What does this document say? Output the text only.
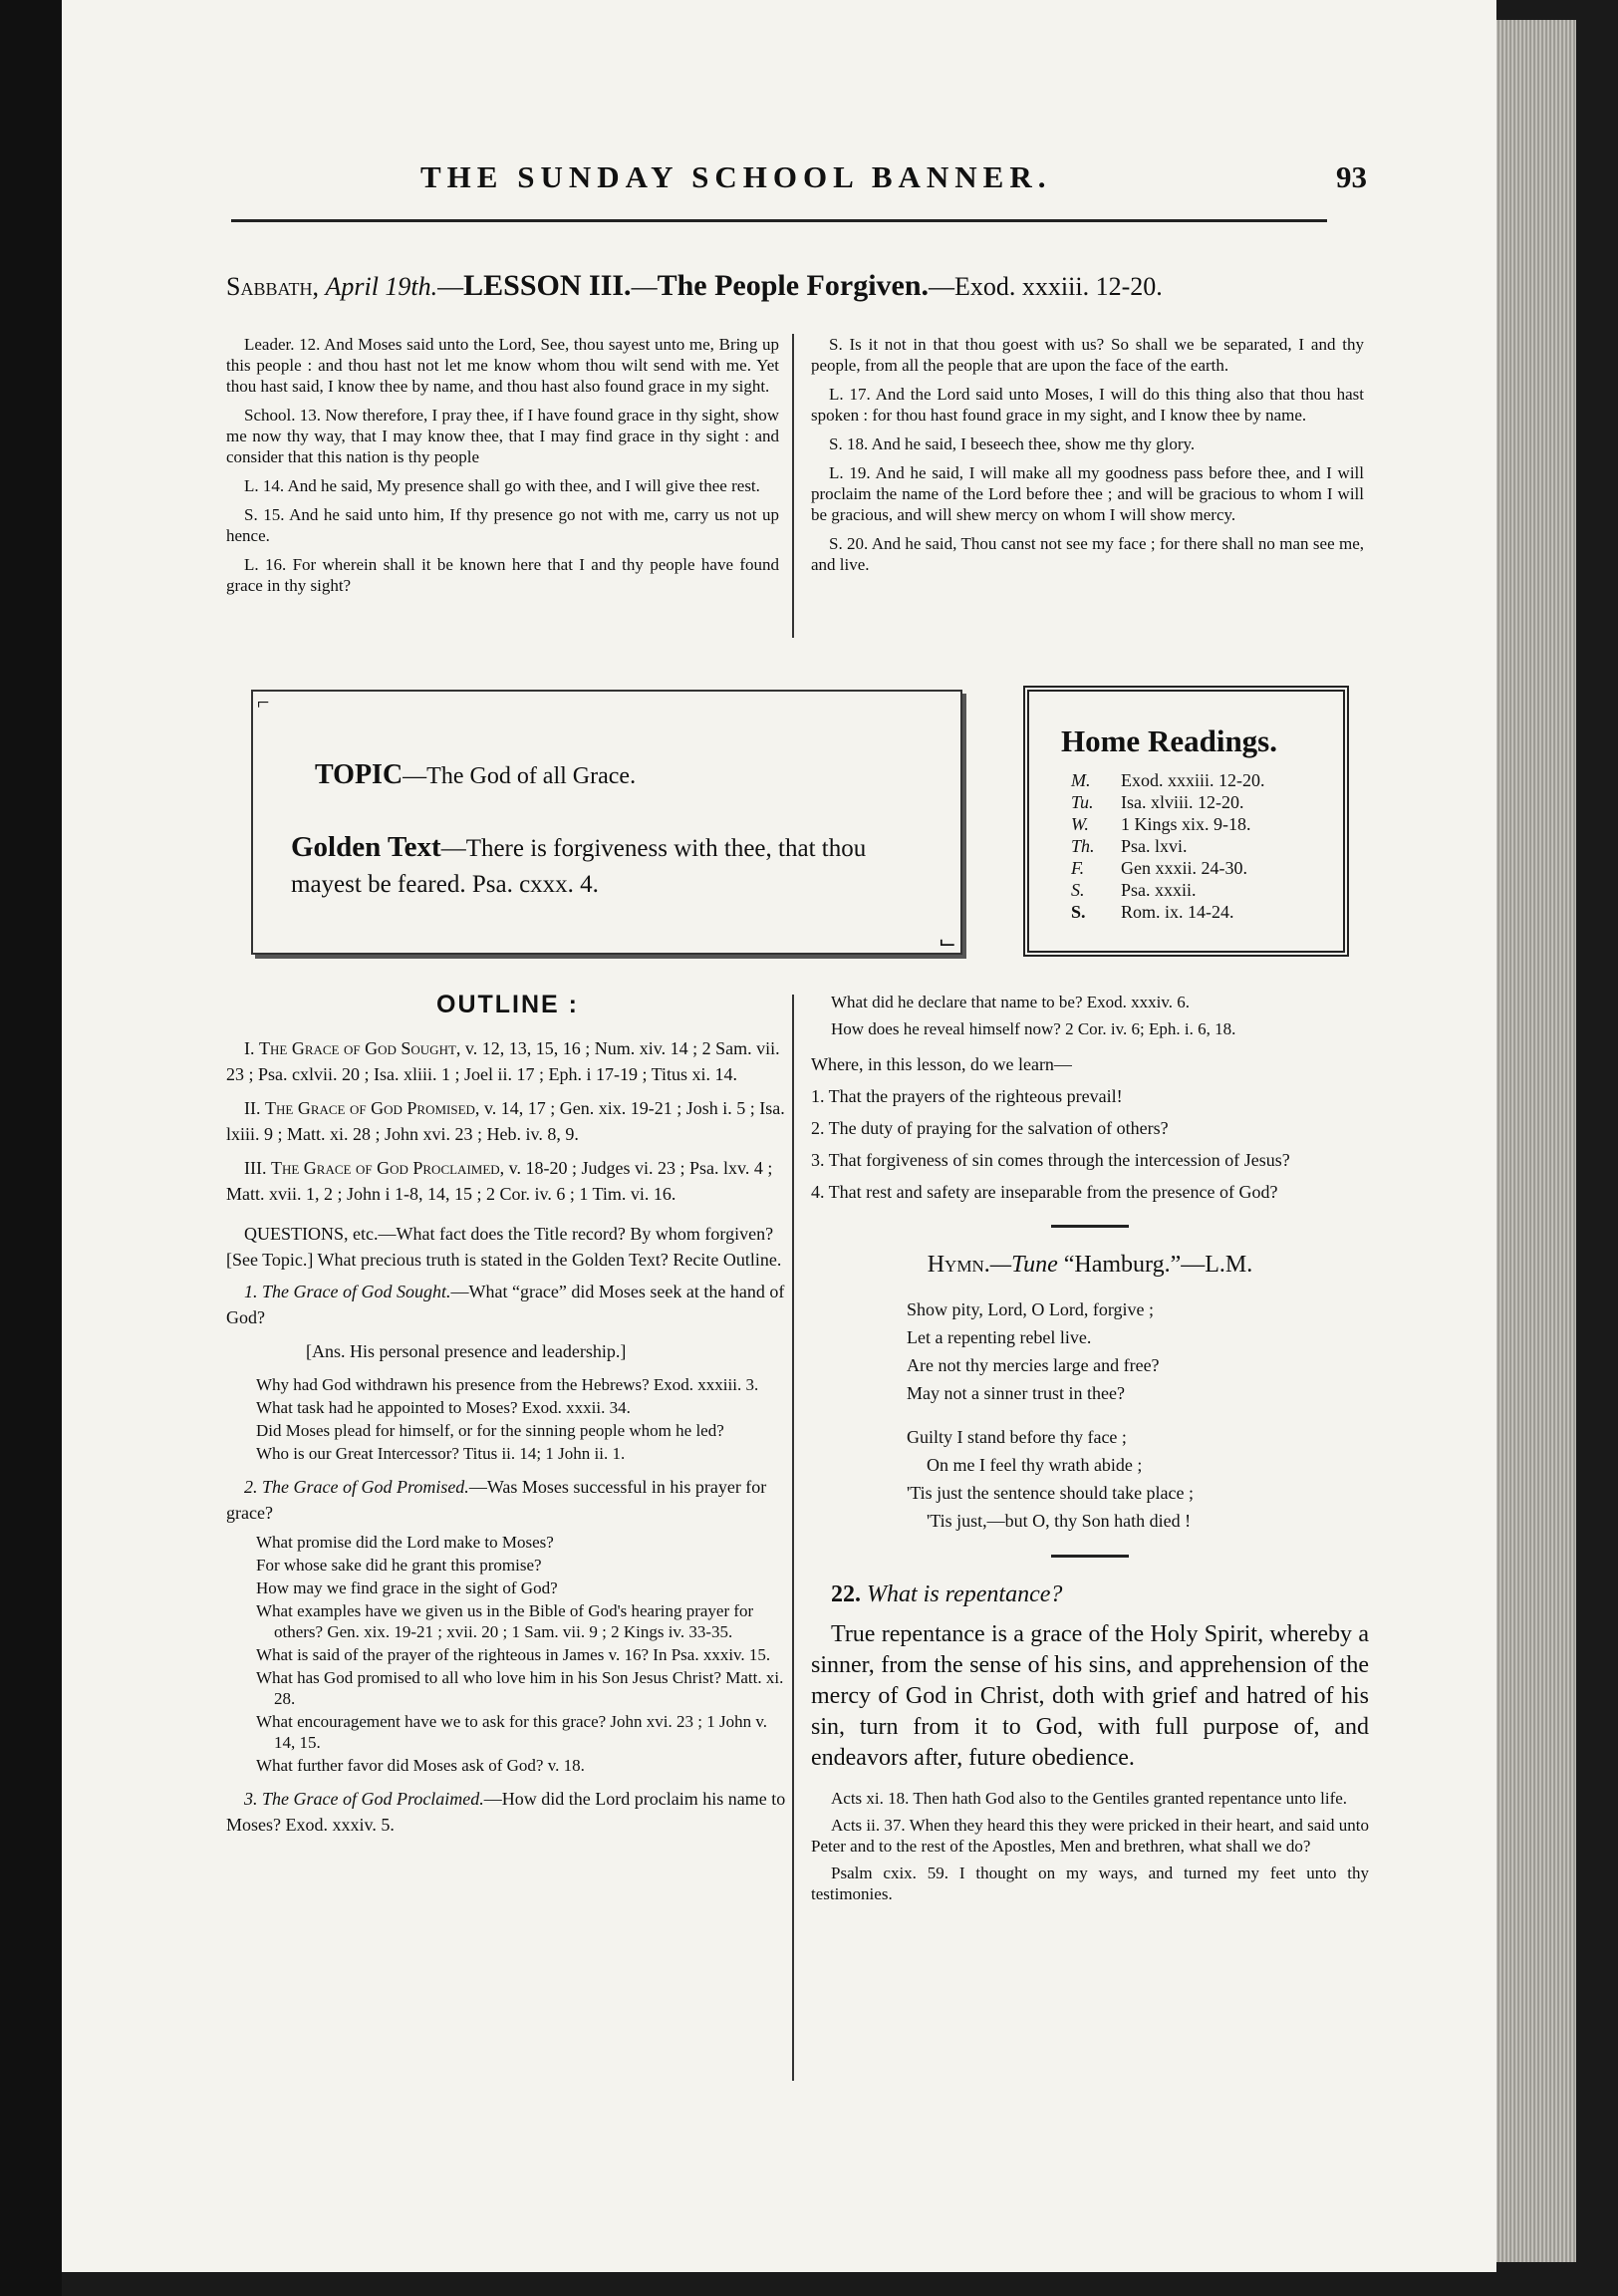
THE SUNDAY SCHOOL BANNER.	93
Sabbath, April 19th.—LESSON III.—The People Forgiven.—Exod. xxxiii. 12-20.

Leader. 12. And Moses said unto the Lord, See, thou sayest unto me, Bring up this people : and thou hast not let me know whom thou wilt send with me. Yet thou hast said, I know thee by name, and thou hast also found grace in my sight.

School. 13. Now therefore, I pray thee, if I have found grace in thy sight, show me now thy way, that I may know thee, that I may find grace in thy sight : and consider that this nation is thy people

L. 14. And he said, My presence shall go with thee, and I will give thee rest.

S. 15. And he said unto him, If thy presence go not with me, carry us not up hence.

L. 16. For wherein shall it be known here that I and thy people have found grace in thy sight?

S. Is it not in that thou goest with us? So shall we be separated, I and thy people, from all the people that are upon the face of the earth.

L. 17. And the Lord said unto Moses, I will do this thing also that thou hast spoken : for thou hast found grace in my sight, and I know thee by name.

S. 18. And he said, I beseech thee, show me thy glory.

L. 19. And he said, I will make all my goodness pass before thee, and I will proclaim the name of the Lord before thee ; and will be gracious to whom I will be gracious, and will shew mercy on whom I will show mercy.

S. 20. And he said, Thou canst not see my face ; for there shall no man see me, and live.

⌐
⌙
TOPIC—The God of all Grace.
Golden Text—There is forgiveness with thee, that thou mayest be feared. Psa. cxxx. 4.
Home Readings.
M. Exod. xxxiii. 12-20.
Tu. Isa. xlviii. 12-20.
W. 1 Kings xix. 9-18.
Th. Psa. lxvi.
F. Gen xxxii. 24-30.
S. Psa. xxxii.
S. Rom. ix. 14-24.
OUTLINE :
I. The Grace of God Sought, v. 12, 13, 15, 16 ; Num. xiv. 14 ; 2 Sam. vii. 23 ; Psa. cxlvii. 20 ; Isa. xliii. 1 ; Joel ii. 17 ; Eph. i 17-19 ; Titus xi. 14.
II. The Grace of God Promised, v. 14, 17 ; Gen. xix. 19-21 ; Josh i. 5 ; Isa. lxiii. 9 ; Matt. xi. 28 ; John xvi. 23 ; Heb. iv. 8, 9.
III. The Grace of God Proclaimed, v. 18-20 ; Judges vi. 23 ; Psa. lxv. 4 ; Matt. xvii. 1, 2 ; John i 1-8, 14, 15 ; 2 Cor. iv. 6 ; 1 Tim. vi. 16.
QUESTIONS, etc.—What fact does the Title record? By whom forgiven? [See Topic.] What precious truth is stated in the Golden Text? Recite Outline.
1. The Grace of God Sought.—What “grace” did Moses seek at the hand of God?
[Ans. His personal presence and leadership.]
Why had God withdrawn his presence from the Hebrews? Exod. xxxiii. 3.
What task had he appointed to Moses? Exod. xxxii. 34.
Did Moses plead for himself, or for the sinning people whom he led?
Who is our Great Intercessor? Titus ii. 14; 1 John ii. 1.
2. The Grace of God Promised.—Was Moses successful in his prayer for grace?
What promise did the Lord make to Moses?
For whose sake did he grant this promise?
How may we find grace in the sight of God?
What examples have we given us in the Bible of God's hearing prayer for others? Gen. xix. 19-21 ; xvii. 20 ; 1 Sam. vii. 9 ; 2 Kings iv. 33-35.
What is said of the prayer of the righteous in James v. 16? In Psa. xxxiv. 15.
What has God promised to all who love him in his Son Jesus Christ? Matt. xi. 28.
What encouragement have we to ask for this grace? John xvi. 23 ; 1 John v. 14, 15.
What further favor did Moses ask of God? v. 18.
3. The Grace of God Proclaimed.—How did the Lord proclaim his name to Moses? Exod. xxxiv. 5.
What did he declare that name to be? Exod. xxxiv. 6.
How does he reveal himself now? 2 Cor. iv. 6; Eph. i. 6, 18.
Where, in this lesson, do we learn—
1. That the prayers of the righteous prevail!
2. The duty of praying for the salvation of others?
3. That forgiveness of sin comes through the intercession of Jesus?
4. That rest and safety are inseparable from the presence of God?
Hymn.—Tune “Hamburg.”—L.M.
Show pity, Lord, O Lord, forgive ;
Let a repenting rebel live.
Are not thy mercies large and free?
May not a sinner trust in thee?
Guilty I stand before thy face ;
On me I feel thy wrath abide ;
'Tis just the sentence should take place ;
'Tis just,—but O, thy Son hath died !
22. What is repentance?
True repentance is a grace of the Holy Spirit, whereby a sinner, from the sense of his sins, and apprehension of the mercy of God in Christ, doth with grief and hatred of his sin, turn from it to God, with full purpose of, and endeavors after, future obedience.
Acts xi. 18. Then hath God also to the Gentiles granted repentance unto life.
Acts ii. 37. When they heard this they were pricked in their heart, and said unto Peter and to the rest of the Apostles, Men and brethren, what shall we do?
Psalm cxix. 59. I thought on my ways, and turned my feet unto thy testimonies.
